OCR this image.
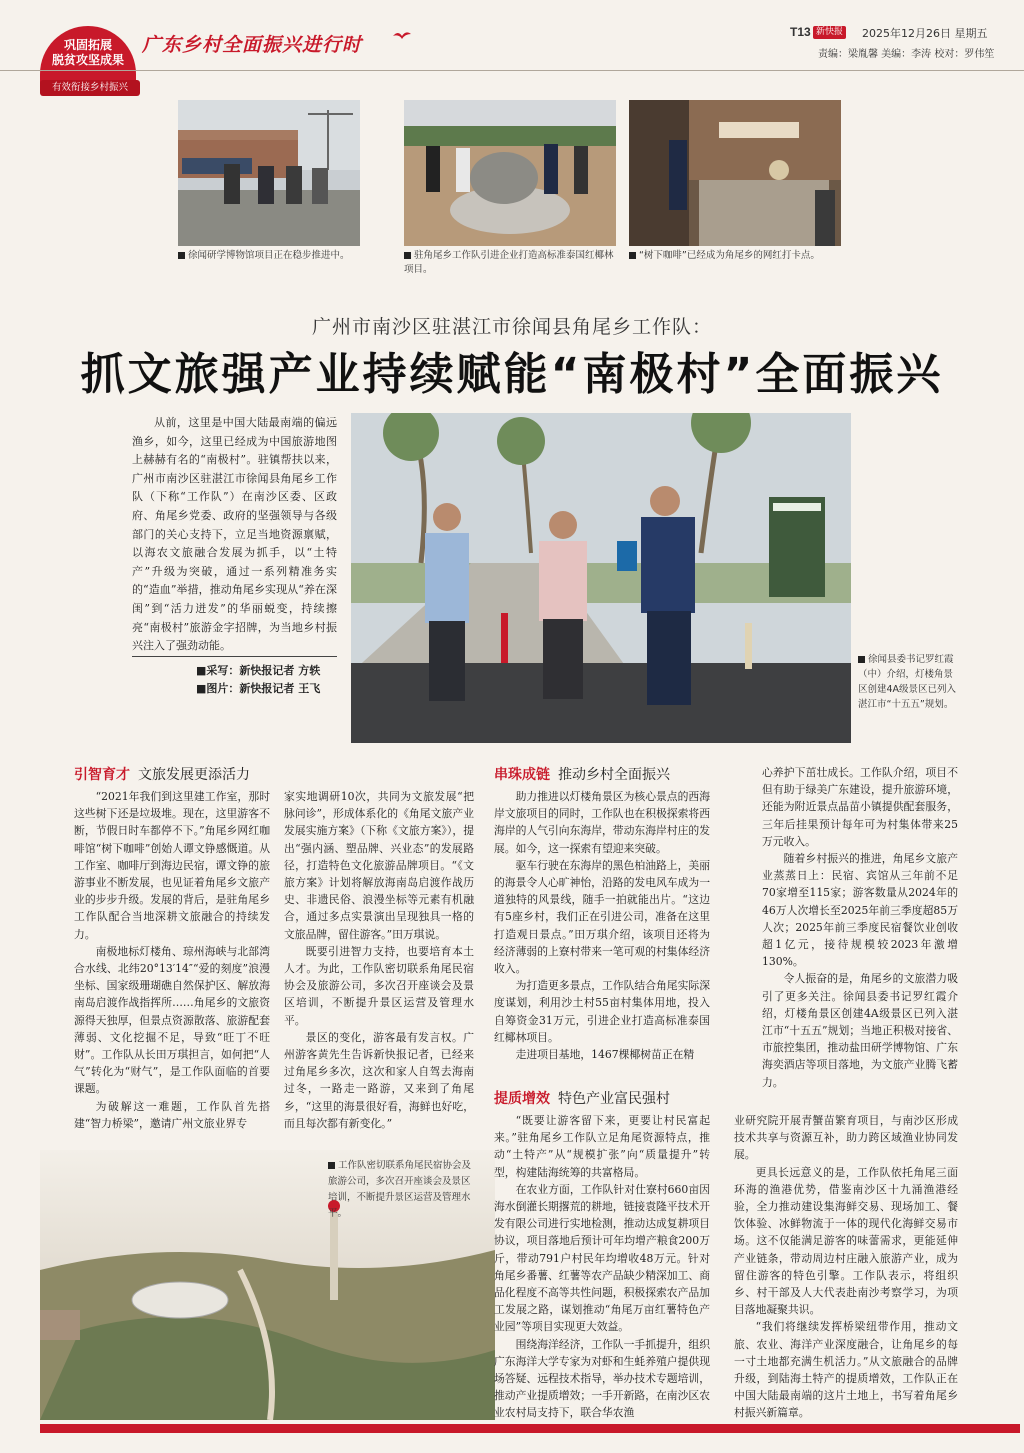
巩固拓展
脱贫攻坚成果
有效衔接乡村振兴
广东乡村全面振兴进行时
T13 新快报 2025年12月26日 星期五
责编：梁胤馨 美编：李涛 校对：罗伟笙
徐闻研学博物馆项目正在稳步推进中。	驻角尾乡工作队引进企业打造高标准泰国红椰林项目。
“树下咖啡”已经成为角尾乡的网红打卡点。
广州市南沙区驻湛江市徐闻县角尾乡工作队：
抓文旅强产业持续赋能“南极村”全面振兴
从前，这里是中国大陆最南端的偏远渔乡，如今，这里已经成为中国旅游地图上赫赫有名的“南极村”。驻镇帮扶以来，广州市南沙区驻湛江市徐闻县角尾乡工作队（下称“工作队”）在南沙区委、区政府、角尾乡党委、政府的坚强领导与各级部门的关心支持下，立足当地资源禀赋，以海农文旅融合发展为抓手，以“土特产”升级为突破，通过一系列精准务实的“造血”举措，推动角尾乡实现从“养在深闺”到“活力迸发”的华丽蜕变，持续擦亮“南极村”旅游金字招牌，为当地乡村振兴注入了强劲动能。
■采写：新快报记者 方轶
■图片：新快报记者 王飞
徐闻县委书记罗红霞（中）介绍，灯楼角景区创建4A级景区已列入湛江市“十五五”规划。
引智育才 文旅发展更添活力

“2021年我们到这里建工作室，那时这些树下还是垃圾堆。现在，这里游客不断，节假日时车都停不下。”角尾乡网红咖啡馆“树下咖啡”创始人谭文铮感慨道。从工作室、咖啡厅到海边民宿，谭文铮的旅游事业不断发展，也见证着角尾乡文旅产业的步步升级。发展的背后，是驻角尾乡工作队配合当地深耕文旅融合的持续发力。

南极地标灯楼角、琼州海峡与北部湾合水线、北纬20°13′14″“爱的刻度”浪漫坐标、国家级珊瑚礁自然保护区、解放海南岛启渡作战指挥所……角尾乡的文旅资源得天独厚，但景点资源散落、旅游配套薄弱、文化挖掘不足，导致“旺丁不旺财”。工作队从长田万琪担言，如何把“人气”转化为“财气”，是工作队面临的首要课题。

为破解这一难题，工作队首先搭建“智力桥梁”，邀请广州文旅业界专

家实地调研10次，共同为文旅发展“把脉问诊”，形成体系化的《角尾文旅产业发展实施方案》（下称《文旅方案》），提出“强内涵、塑品牌、兴业态”的发展路径，打造特色文化旅游品牌项目。“《文旅方案》计划将解放海南岛启渡作战历史、非遗民俗、浪漫坐标等元素有机融合，通过多点实景演出呈现独具一格的文旅品牌，留住游客。”田万琪说。

既要引进智力支持，也要培育本土人才。为此，工作队密切联系角尾民宿协会及旅游公司，多次召开座谈会及景区培训，不断提升景区运营及管理水平。

景区的变化，游客最有发言权。广州游客黄先生告诉新快报记者，已经来过角尾乡多次，这次和家人自驾去海南过冬，一路走一路游，又来到了角尾乡，“这里的海景很好看，海鲜也好吃，而且每次都有新变化。”

串珠成链 推动乡村全面振兴

助力推进以灯楼角景区为核心景点的西海岸文旅项目的同时，工作队也在积极探索将西海岸的人气引向东海岸，带动东海岸村庄的发展。如今，这一探索有望迎来突破。

驱车行驶在东海岸的黑色柏油路上，美丽的海景令人心旷神怡，沿路的发电风车成为一道独特的风景线，随手一拍就能出片。“这边有5座乡村，我们正在引进公司，准备在这里打造观日景点。”田万琪介绍，该项目还将为经济薄弱的上寮村带来一笔可观的村集体经济收入。

为打造更多景点，工作队结合角尾实际深度谋划，利用沙土村55亩村集体用地，投入自筹资金31万元，引进企业打造高标准泰国红椰林项目。

走进项目基地，1467棵椰树苗正在精

心养护下茁壮成长。工作队介绍，项目不但有助于绿美广东建设，提升旅游环境，还能为附近景点晶苗小镇提供配套服务，三年后挂果预计每年可为村集体带来25万元收入。

随着乡村振兴的推进，角尾乡文旅产业蒸蒸日上：民宿、宾馆从三年前不足70家增至115家；游客数量从2024年的46万人次增长至2025年前三季度超85万人次；2025年前三季度民宿餐饮业创收超1亿元，接待规模较2023年激增130%。

令人振奋的是，角尾乡的文旅潜力吸引了更多关注。徐闻县委书记罗红霞介绍，灯楼角景区创建4A级景区已列入湛江市“十五五”规划；当地正积极对接省、市旅控集团，推动盐田研学博物馆、广东海奕酒店等项目落地，为文旅产业腾飞蓄力。

工作队密切联系角尾民宿协会及旅游公司，多次召开座谈会及景区培训，不断提升景区运营及管理水平。
提质增效 特色产业富民强村

“既要让游客留下来，更要让村民富起来。”驻角尾乡工作队立足角尾资源特点，推动“土特产”从“规模扩张”向“质量提升”转型，构建陆海统筹的共富格局。

在农业方面，工作队针对仕寮村660亩因海水倒灌长期撂荒的耕地，链接袁隆平技术开发有限公司进行实地检测，推动达成复耕项目协议，项目落地后预计可年均增产粮食200万斤，带动791户村民年均增收48万元。针对角尾乡番薯、红薯等农产品缺少精深加工、商品化程度不高等共性问题，积极探索农产品加工发展之路，谋划推动“角尾万亩红薯特色产业园”等项目实现更大效益。

围绕海洋经济，工作队一手抓提升，组织广东海洋大学专家为对虾和生蚝养殖户提供现场答疑、远程技术指导，举办技术专题培训，推动产业提质增效；一手开新路，在南沙区农业农村局支持下，联合华农渔

业研究院开展青蟹苗繁育项目，与南沙区形成技术共享与资源互补，助力跨区域渔业协同发展。

更具长远意义的是，工作队依托角尾三面环海的渔港优势，借鉴南沙区十九涌渔港经验，全力推动建设集海鲜交易、现场加工、餐饮体验、冰鲜物流于一体的现代化海鲜交易市场。这不仅能满足游客的味蕾需求，更能延伸产业链条，带动周边村庄融入旅游产业，成为留住游客的特色引擎。工作队表示，将组织乡、村干部及人大代表赴南沙考察学习，为项目落地凝聚共识。

“我们将继续发挥桥梁纽带作用，推动文旅、农业、海洋产业深度融合，让角尾乡的每一寸土地都充满生机活力。”从文旅融合的品牌升级，到陆海土特产的提质增效，工作队正在中国大陆最南端的这片土地上，书写着角尾乡村振兴新篇章。
